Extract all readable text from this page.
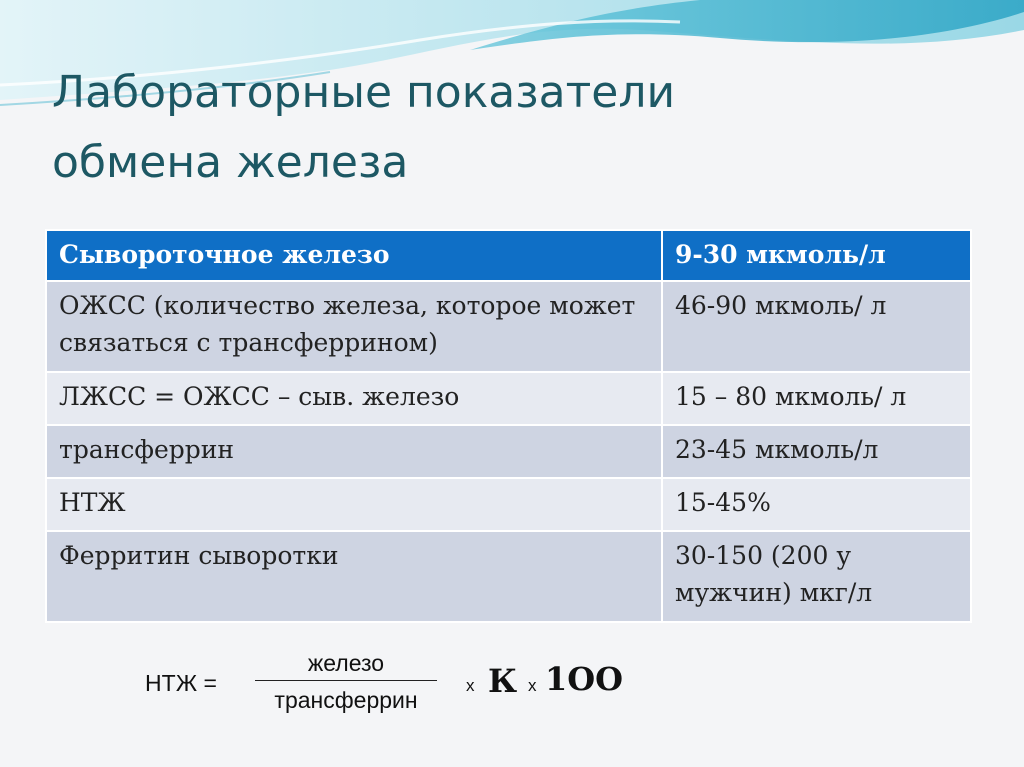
Лабораторные показатели
обмена железа
Сывороточное железо	9-30 мкмоль/л
ОЖСС (количество железа, которое может связаться с трансферрином)	46-90 мкмоль/ л
ЛЖСС = ОЖСС – сыв. железо	15 – 80 мкмоль/ л
трансферрин	23-45 мкмоль/л
НТЖ	15-45%
Ферритин сыворотки	30-150 (200 у мужчин) мкг/л
НТЖ =
железо
трансферрин
х К х 1OO
